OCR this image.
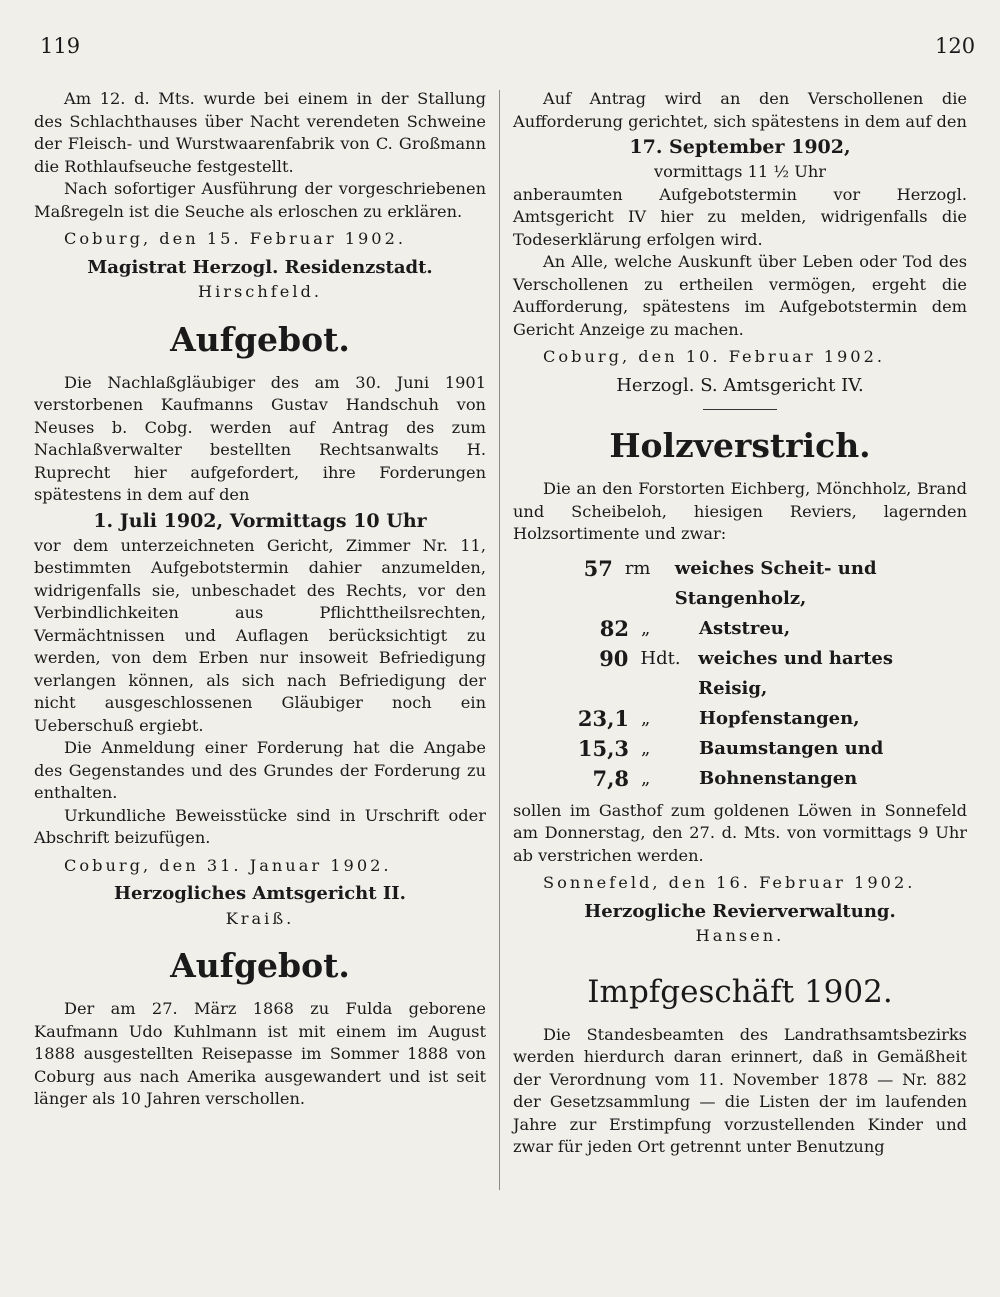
119	120

Am 12. d. Mts. wurde bei einem in der Stallung des Schlachthauses über Nacht verendeten Schweine der Fleisch- und Wurstwaarenfabrik von C. Großmann die Rothlaufseuche festgestellt.

Nach sofortiger Ausführung der vorgeschriebenen Maßregeln ist die Seuche als erloschen zu erklären.

Coburg, den 15. Februar 1902.

Magistrat Herzogl. Residenzstadt.

Hirschfeld.

Aufgebot.

Die Nachlaßgläubiger des am 30. Juni 1901 verstorbenen Kaufmanns Gustav Handschuh von Neuses b. Cobg. werden auf Antrag des zum Nachlaßverwalter bestellten Rechtsanwalts H. Ruprecht hier aufgefordert, ihre Forderungen spätestens in dem auf den

1. Juli 1902, Vormittags 10 Uhr

vor dem unterzeichneten Gericht, Zimmer Nr. 11, bestimmten Aufgebotstermin dahier anzumelden, widrigenfalls sie, unbeschadet des Rechts, vor den Verbindlichkeiten aus Pflichttheilsrechten, Vermächtnissen und Auflagen berücksichtigt zu werden, von dem Erben nur insoweit Befriedigung verlangen können, als sich nach Befriedigung der nicht ausgeschlossenen Gläubiger noch ein Ueberschuß ergiebt.

Die Anmeldung einer Forderung hat die Angabe des Gegenstandes und des Grundes der Forderung zu enthalten.

Urkundliche Beweisstücke sind in Urschrift oder Abschrift beizufügen.

Coburg, den 31. Januar 1902.

Herzogliches Amtsgericht II.

Kraiß.

Aufgebot.

Der am 27. März 1868 zu Fulda geborene Kaufmann Udo Kuhlmann ist mit einem im August 1888 ausgestellten Reisepasse im Sommer 1888 von Coburg aus nach Amerika ausgewandert und ist seit länger als 10 Jahren verschollen.

Auf Antrag wird an den Verschollenen die Aufforderung gerichtet, sich spätestens in dem auf den

17. September 1902,

vormittags 11 ½ Uhr

anberaumten Aufgebotstermin vor Herzogl. Amtsgericht IV hier zu melden, widrigenfalls die Todeserklärung erfolgen wird.

An Alle, welche Auskunft über Leben oder Tod des Verschollenen zu ertheilen vermögen, ergeht die Aufforderung, spätestens im Aufgebotstermin dem Gericht Anzeige zu machen.

Coburg, den 10. Februar 1902.

Herzogl. S. Amtsgericht IV.

Holzverstrich.

Die an den Forstorten Eichberg, Mönchholz, Brand und Scheibeloh, hiesigen Reviers, lagernden Holzsortimente und zwar:

57 rm	weiches Scheit- und Stangenholz,
82 „	Aststreu,
90 Hdt. weiches und hartes Reisig,
23,1 „	Hopfenstangen,
15,3 „	Baumstangen und
7,8 „	Bohnenstangen

sollen im Gasthof zum goldenen Löwen in Sonnefeld am Donnerstag, den 27. d. Mts. von vormittags 9 Uhr ab verstrichen werden.

Sonnefeld, den 16. Februar 1902.

Herzogliche Revierverwaltung.

Hansen.

Impfgeschäft 1902.

Die Standesbeamten des Landrathsamtsbezirks werden hierdurch daran erinnert, daß in Gemäßheit der Verordnung vom 11. November 1878 — Nr. 882 der Gesetzsammlung — die Listen der im laufenden Jahre zur Erstimpfung vorzustellenden Kinder und zwar für jeden Ort getrennt unter Benutzung
